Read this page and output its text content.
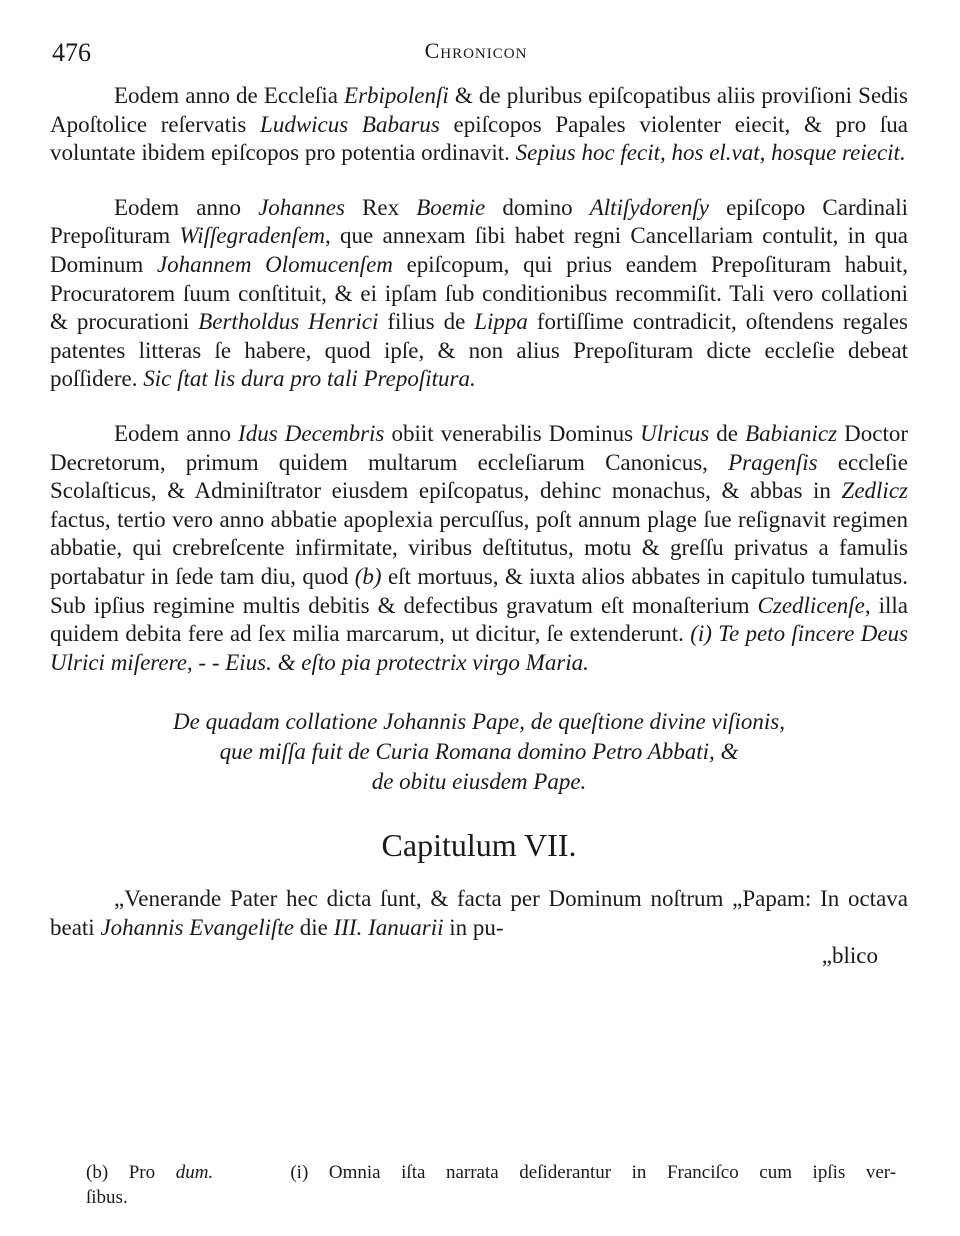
476	Chronicon

Eodem anno de Eccleſia Erbipolenſi & de pluribus epiſcopatibus aliis proviſioni Sedis Apoſtolice reſervatis Ludwicus Babarus epiſcopos Papales violenter eiecit, & pro ſua voluntate ibidem epiſcopos pro potentia ordinavit. Sepius hoc fecit, hos el.vat, hosque reiecit.

Eodem anno Johannes Rex Boemie domino Altiſydorenſy epiſcopo Cardinali Prepoſituram Wiſſegradenſem, que annexam ſibi habet regni Cancellariam contulit, in qua Dominum Johannem Olomucenſem epiſcopum, qui prius eandem Prepoſituram habuit, Procuratorem ſuum conſtituit, & ei ipſam ſub conditionibus recommiſit. Tali vero collationi & procurationi Bertholdus Henrici filius de Lippa fortiſſime contradicit, oſtendens regales patentes litteras ſe habere, quod ipſe, & non alius Prepoſituram dicte eccleſie debeat poſſidere. Sic ſtat lis dura pro tali Prepoſitura.

Eodem anno Idus Decembris obiit venerabilis Dominus Ulricus de Babianicz Doctor Decretorum, primum quidem multarum eccleſiarum Canonicus, Pragenſis eccleſie Scolaſticus, & Adminiſtrator eiusdem epiſcopatus, dehinc monachus, & abbas in Zedlicz factus, tertio vero anno abbatie apoplexia percuſſus, poſt annum plage ſue reſignavit regimen abbatie, qui crebreſcente infirmitate, viribus deſtitutus, motu & greſſu privatus a famulis portabatur in ſede tam diu, quod (b) eſt mortuus, & iuxta alios abbates in capitulo tumulatus. Sub ipſius regimine multis debitis & defectibus gravatum eſt monaſterium Czedlicenſe, illa quidem debita fere ad ſex milia marcarum, ut dicitur, ſe extenderunt. (i) Te peto ſincere Deus Ulrici miſerere, - - Eius. & eſto pia protectrix virgo Maria.

De quadam collatione Johannis Pape, de queſtione divine viſionis,
que miſſa fuit de Curia Romana domino Petro Abbati, &
de obitu eiusdem Pape.
Capitulum VII.

„Venerande Pater hec dicta ſunt, & facta per Dominum noſtrum „Papam: In octava beati Johannis Evangeliſte die III. Ianuarii in pu-

„blico

(b) Pro dum.	(i) Omnia iſta narrata deſiderantur in Franciſco cum ipſis ver-

ſibus.
